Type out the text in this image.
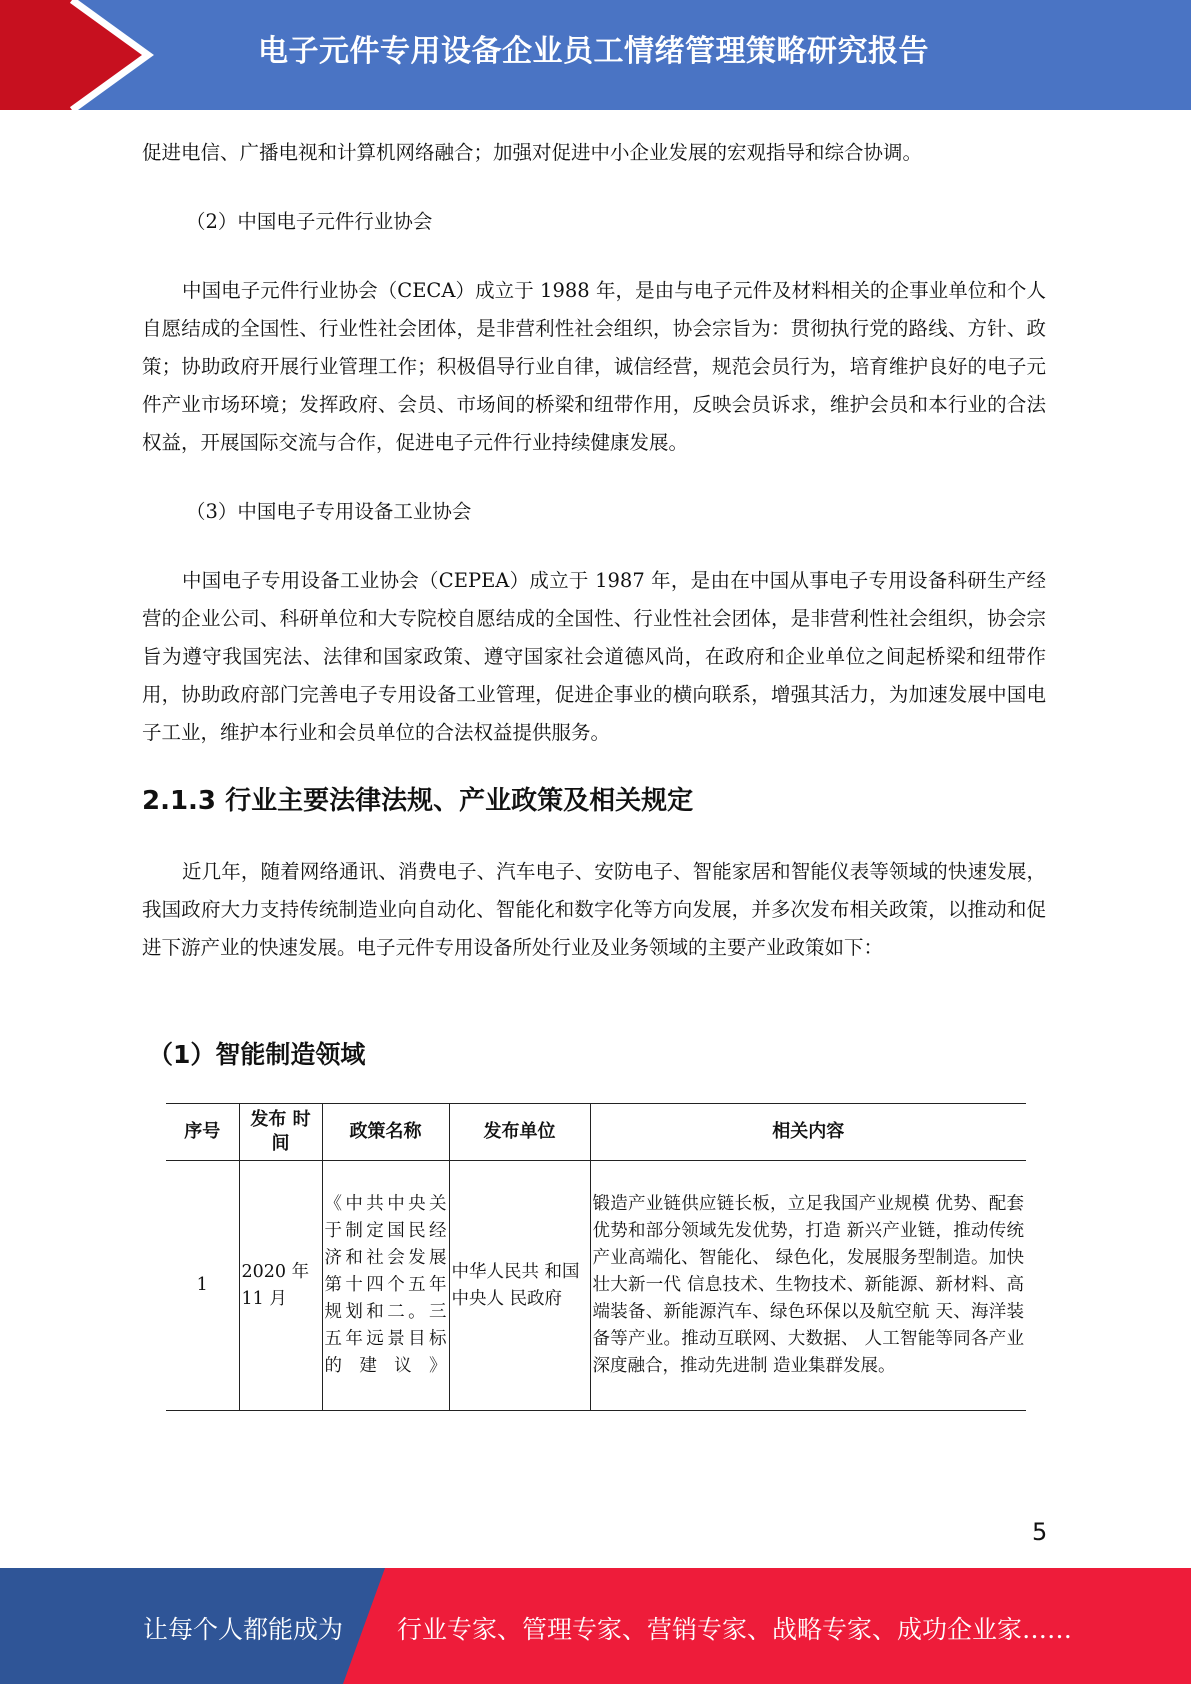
电子元件专用设备企业员工情绪管理策略研究报告

促进电信、广播电视和计算机网络融合；加强对促进中小企业发展的宏观指导和综合协调。

（2）中国电子元件行业协会

中国电子元件行业协会（CECA）成立于 1988 年，是由与电子元件及材料相关的企事业单位和个人自愿结成的全国性、行业性社会团体，是非营利性社会组织，协会宗旨为：贯彻执行党的路线、方针、政策；协助政府开展行业管理工作；积极倡导行业自律，诚信经营，规范会员行为，培育维护良好的电子元件产业市场环境；发挥政府、会员、市场间的桥梁和纽带作用，反映会员诉求，维护会员和本行业的合法权益，开展国际交流与合作，促进电子元件行业持续健康发展。

（3）中国电子专用设备工业协会

中国电子专用设备工业协会（CEPEA）成立于 1987 年，是由在中国从事电子专用设备科研生产经营的企业公司、科研单位和大专院校自愿结成的全国性、行业性社会团体，是非营利性社会组织，协会宗旨为遵守我国宪法、法律和国家政策、遵守国家社会道德风尚，在政府和企业单位之间起桥梁和纽带作用，协助政府部门完善电子专用设备工业管理，促进企事业的横向联系，增强其活力，为加速发展中国电子工业，维护本行业和会员单位的合法权益提供服务。

2.1.3 行业主要法律法规、产业政策及相关规定

近几年，随着网络通讯、消费电子、汽车电子、安防电子、智能家居和智能仪表等领域的快速发展，我国政府大力支持传统制造业向自动化、智能化和数字化等方向发展，并多次发布相关政策，以推动和促进下游产业的快速发展。电子元件专用设备所处行业及业务领域的主要产业政策如下：

（1）智能制造领域
序号	发布 时间	政策名称	发布单位	相关内容
1	2020 年 11 月	《中共中央关于制定国民经济和社会发展第十四个五年规划和二。三五年远景目标的建议》	中华人民共 和国中央人 民政府	锻造产业链供应链长板，立足我国产业规模 优势、配套优势和部分领域先发优势，打造 新兴产业链，推动传统产业高端化、智能化、 绿色化，发展服务型制造。加快壮大新一代 信息技术、生物技术、新能源、新材料、高 端装备、新能源汽车、绿色环保以及航空航 天、海洋装备等产业。推动互联网、大数据、 人工智能等同各产业深度融合，推动先进制 造业集群发展。
5
让每个人都能成为 行业专家、管理专家、营销专家、战略专家、成功企业家……
